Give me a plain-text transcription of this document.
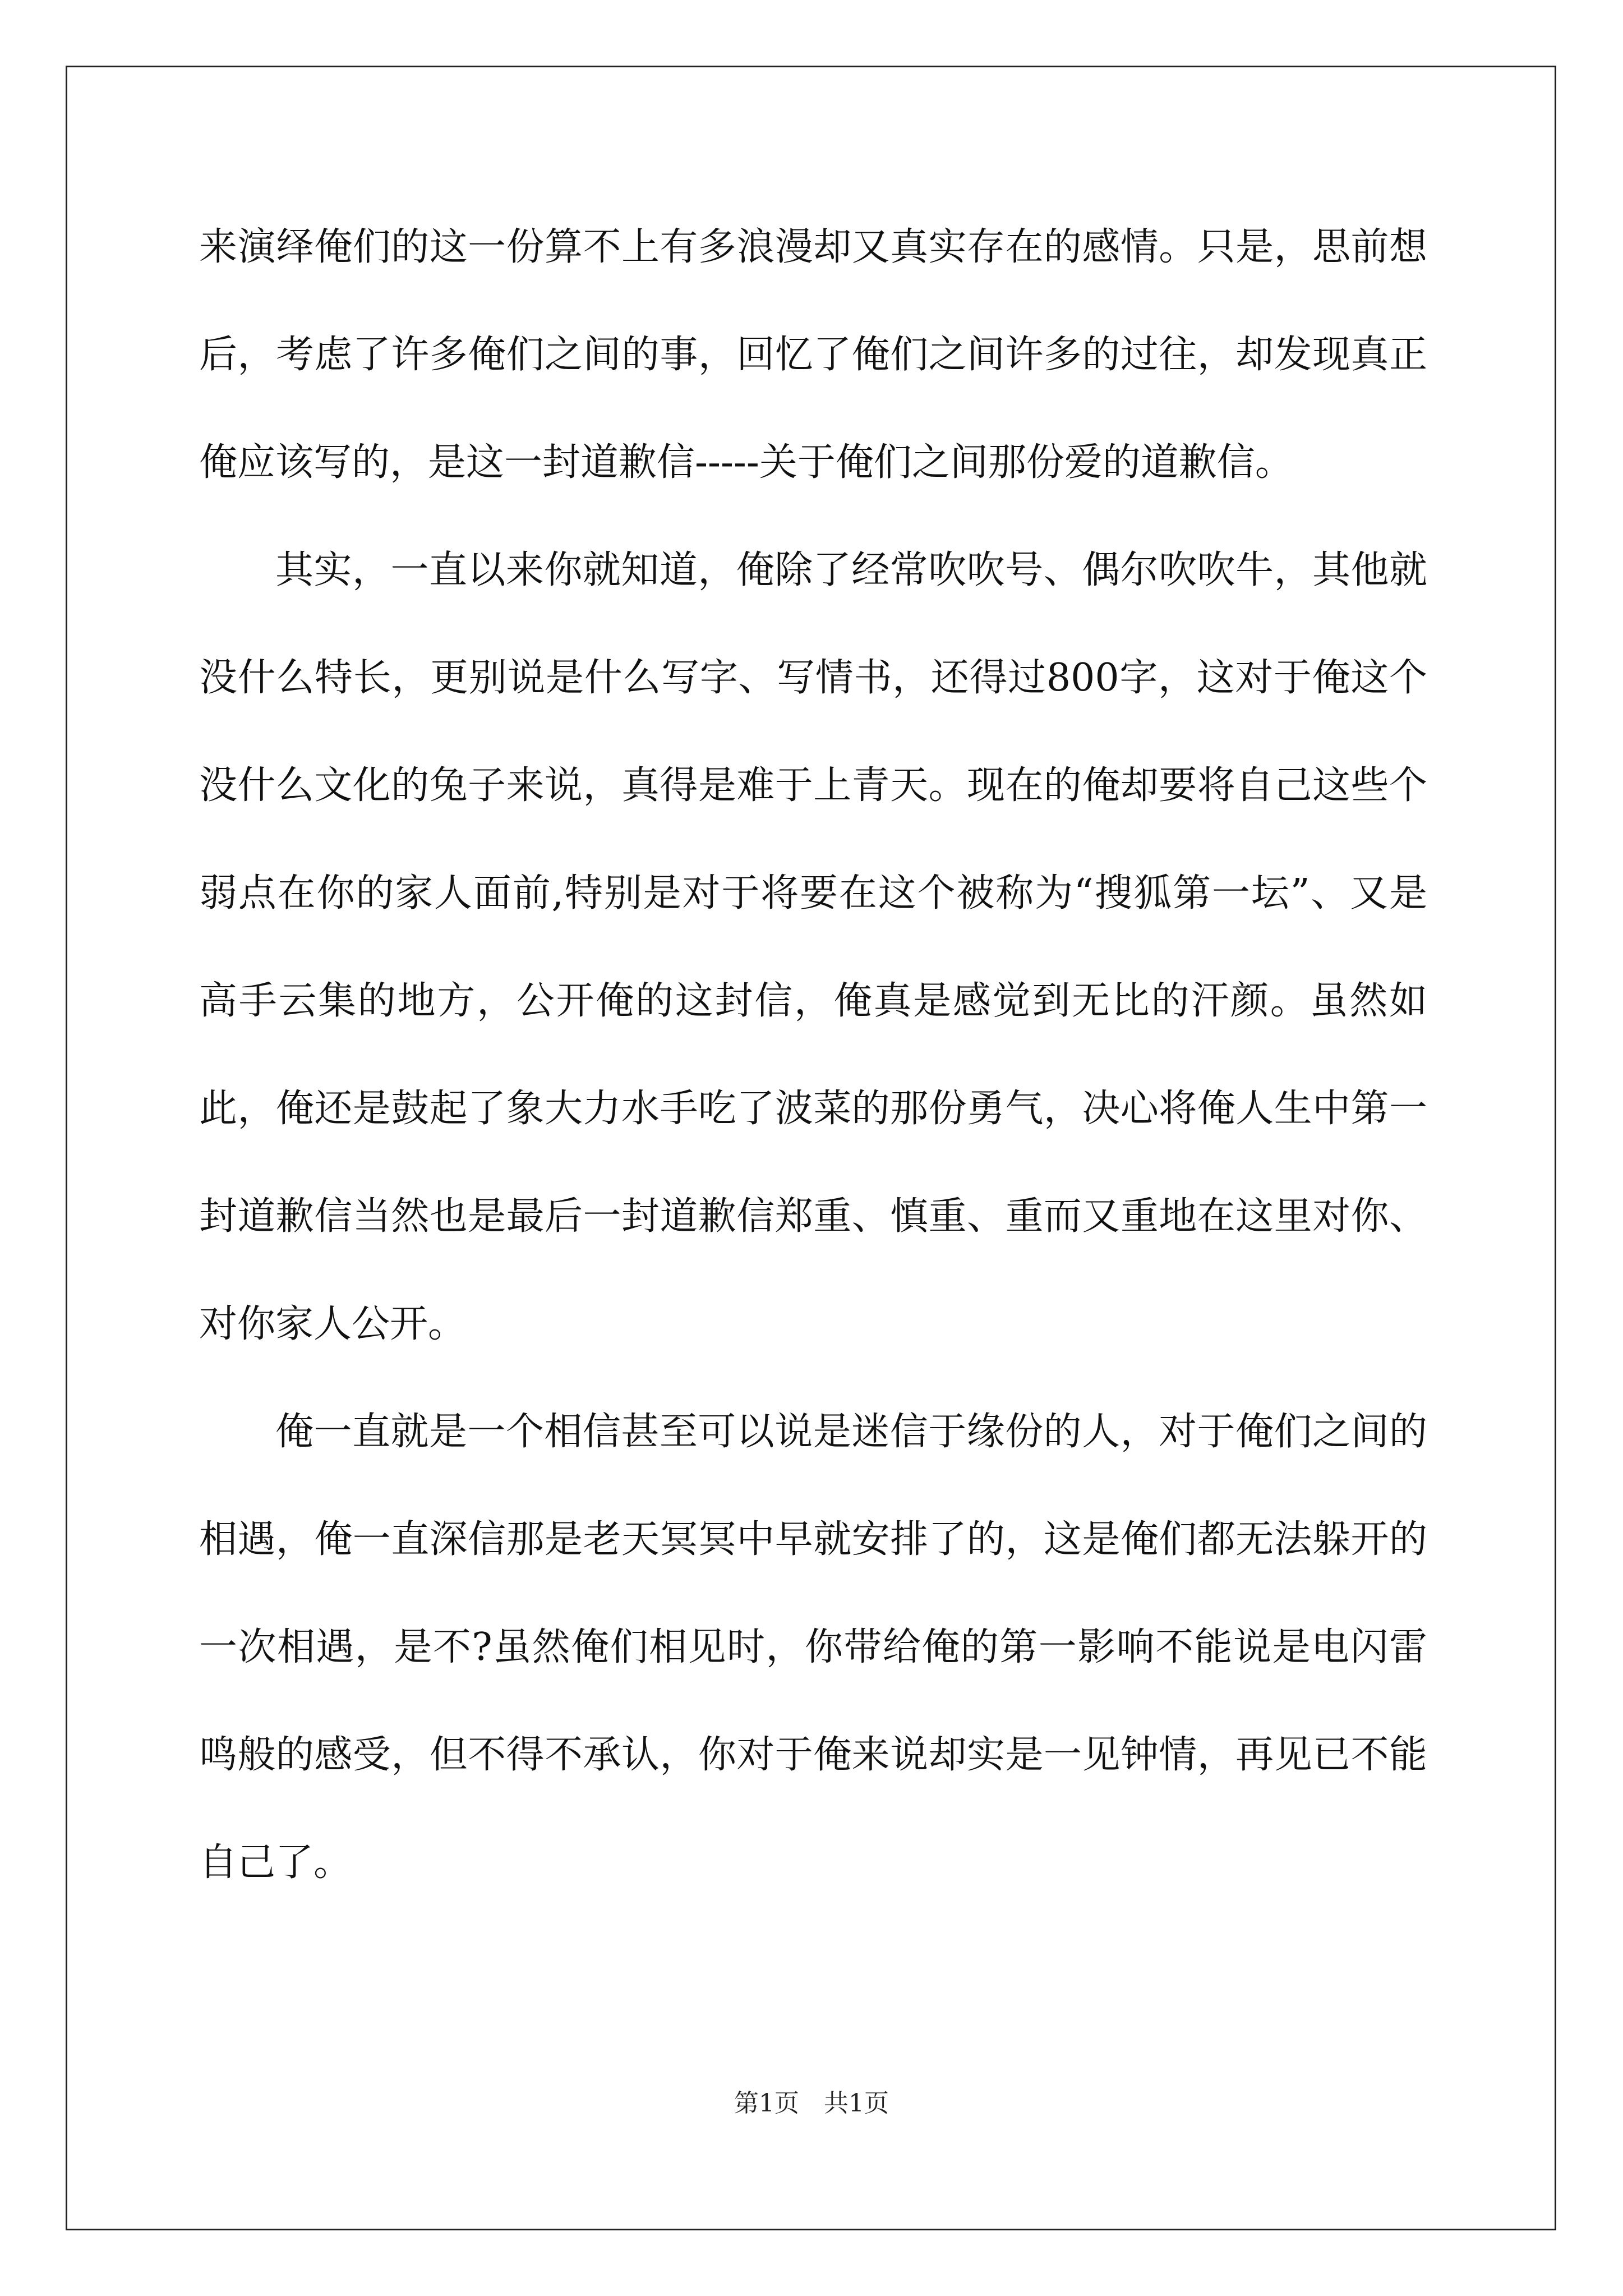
来演绎俺们的这一份算不上有多浪漫却又真实存在的感情。只是，思前想后，考虑了许多俺们之间的事，回忆了俺们之间许多的过往，却发现真正俺应该写的，是这一封道歉信-----关于俺们之间那份爱的道歉信。

其实，一直以来你就知道，俺除了经常吹吹号、偶尔吹吹牛，其他就没什么特长，更别说是什么写字、写情书，还得过800字，这对于俺这个没什么文化的兔子来说，真得是难于上青天。现在的俺却要将自己这些个弱点在你的家人面前,特别是对于将要在这个被称为“搜狐第一坛”、又是高手云集的地方，公开俺的这封信，俺真是感觉到无比的汗颜。虽然如此，俺还是鼓起了象大力水手吃了波菜的那份勇气，决心将俺人生中第一封道歉信当然也是最后一封道歉信郑重、慎重、重而又重地在这里对你、对你家人公开。

俺一直就是一个相信甚至可以说是迷信于缘份的人，对于俺们之间的相遇，俺一直深信那是老天冥冥中早就安排了的，这是俺们都无法躲开的一次相遇，是不?虽然俺们相见时，你带给俺的第一影响不能说是电闪雷鸣般的感受，但不得不承认，你对于俺来说却实是一见钟情，再见已不能自己了。

第1页　共1页
